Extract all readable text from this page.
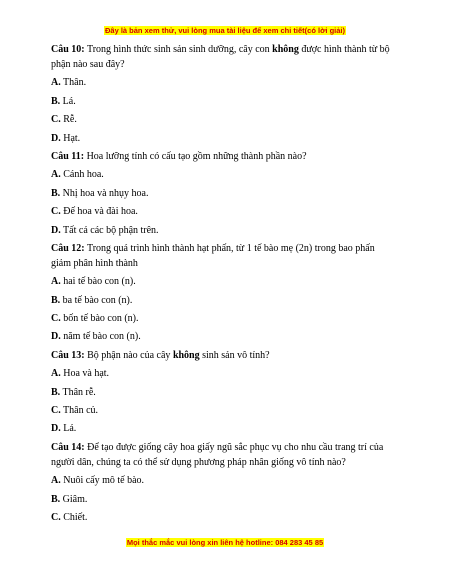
Đây là bản xem thử, vui lòng mua tài liệu để xem chi tiết(có lời giải)

Câu 10: Trong hình thức sinh sản sinh dưỡng, cây con không được hình thành từ bộ
phận nào sau đây?

A. Thân.

B. Lá.

C. Rễ.

D. Hạt.

Câu 11: Hoa lưỡng tính có cấu tạo gồm những thành phần nào?

A. Cánh hoa.

B. Nhị hoa và nhụy hoa.

C. Đế hoa và đài hoa.

D. Tất cả các bộ phận trên.

Câu 12: Trong quá trình hình thành hạt phấn, từ 1 tế bào mẹ (2n) trong bao phấn
giảm phân hình thành

A. hai tế bào con (n).

B. ba tế bào con (n).

C. bốn tế bào con (n).

D. năm tế bào con (n).

Câu 13: Bộ phận nào của cây không sinh sản vô tính?

A. Hoa và hạt.

B. Thân rễ.

C. Thân củ.

D. Lá.

Câu 14: Để tạo được giống cây hoa giấy ngũ sắc phục vụ cho nhu cầu trang trí của
người dân, chúng ta có thể sử dụng phương pháp nhân giống vô tính nào?

A. Nuôi cấy mô tế bào.

B. Giâm.

C. Chiết.

Mọi thắc mắc vui lòng xin liên hệ hotline: 084 283 45 85
